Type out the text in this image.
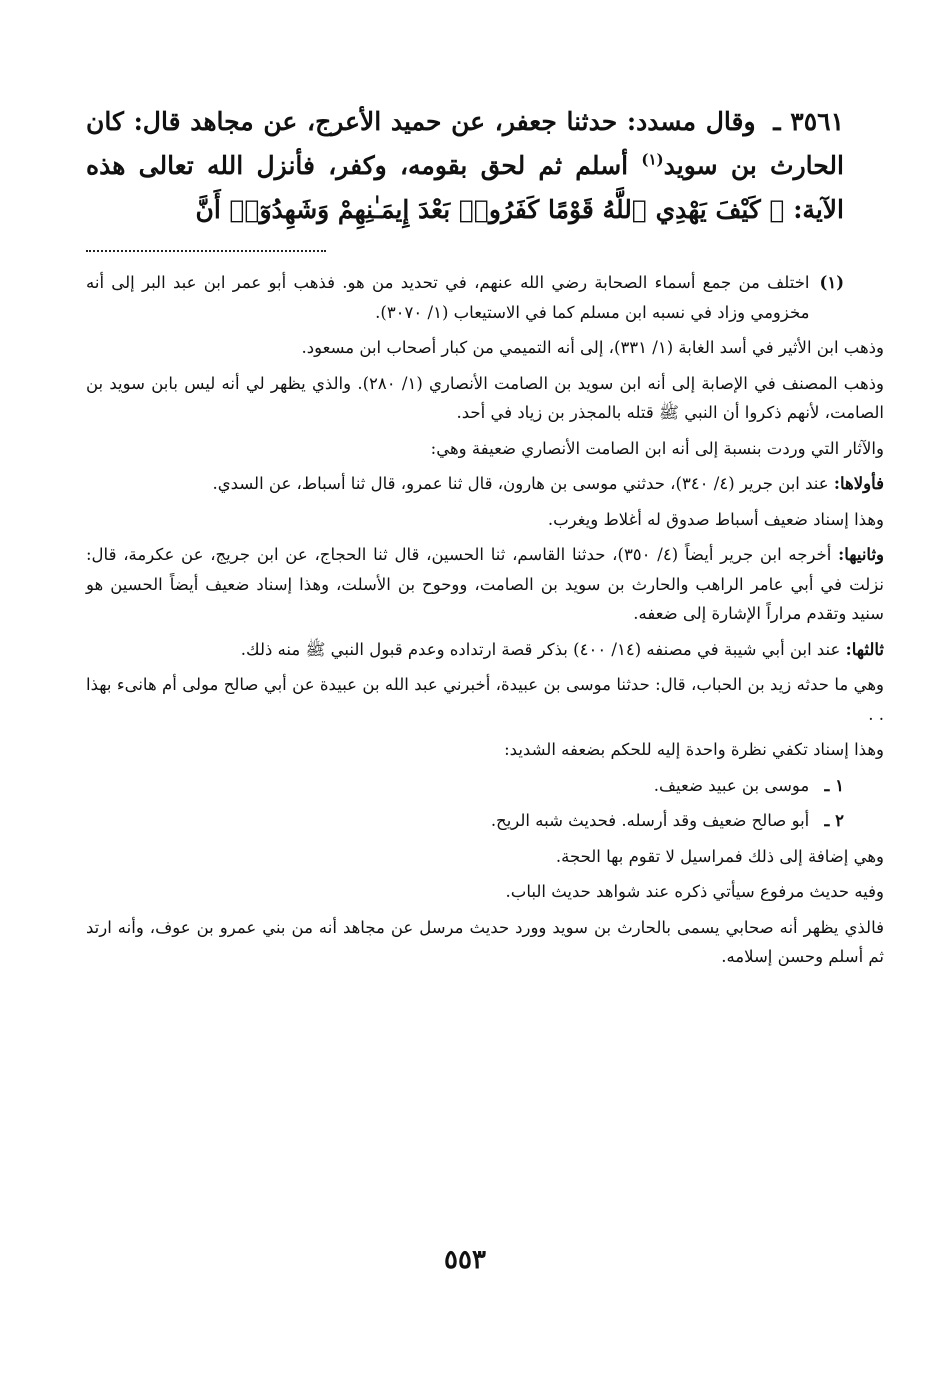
٣٥٦١ ـ وقال مسدد: حدثنا جعفر، عن حميد الأعرج، عن مجاهد قال: كان الحارث بن سويد$^{(١)}$ أسلم ثم لحق بقومه، وكفر، فأنزل الله تعالى هذه الآية: ﴿ كَيْفَ يَهْدِي ٱللَّهُ قَوْمًا كَفَرُوا۟ بَعْدَ إِيمَـٰنِهِمْ وَشَهِدُوٓا۟ أَنَّ
(١)

اختلف من جمع أسماء الصحابة رضي الله عنهم، في تحديد من هو. فذهب أبو عمر ابن عبد البر إلى أنه مخزومي وزاد في نسبه ابن مسلم كما في الاستيعاب (١/ ٣٠٧٠).

وذهب ابن الأثير في أسد الغابة (١/ ٣٣١)، إلى أنه التميمي من كبار أصحاب ابن مسعود.

وذهب المصنف في الإصابة إلى أنه ابن سويد بن الصامت الأنصاري (١/ ٢٨٠). والذي يظهر لي أنه ليس بابن سويد بن الصامت، لأنهم ذكروا أن النبي ﷺ قتله بالمجذر بن زياد في أحد.

والآثار التي وردت بنسبة إلى أنه ابن الصامت الأنصاري ضعيفة وهي:

فأولاها: عند ابن جرير (٤/ ٣٤٠)، حدثني موسى بن هارون، قال ثنا عمرو، قال ثنا أسباط، عن السدي.

وهذا إسناد ضعيف أسباط صدوق له أغلاط ويغرب.

وثانيها: أخرجه ابن جرير أيضاً (٤/ ٣٥٠)، حدثنا القاسم، ثنا الحسين، قال ثنا الحجاج، عن ابن جريج، عن عكرمة، قال: نزلت في أبي عامر الراهب والحارث بن سويد بن الصامت، ووحوح بن الأسلت، وهذا إسناد ضعيف أيضاً الحسين هو سنيد وتقدم مراراً الإشارة إلى ضعفه.

ثالثها: عند ابن أبي شيبة في مصنفه (١٤/ ٤٠٠) بذكر قصة ارتداده وعدم قبول النبي ﷺ منه ذلك.

وهي ما حدثه زيد بن الحباب، قال: حدثنا موسى بن عبيدة، أخبرني عبد الله بن عبيدة عن أبي صالح مولى أم هانىء بهذا . .

وهذا إسناد تكفي نظرة واحدة إليه للحكم بضعفه الشديد:

١ ـ موسى بن عبيد ضعيف.
٢ ـ أبو صالح ضعيف وقد أرسله. فحديث شبه الريح.

وهي إضافة إلى ذلك فمراسيل لا تقوم بها الحجة.

وفيه حديث مرفوع سيأتي ذكره عند شواهد حديث الباب.

فالذي يظهر أنه صحابي يسمى بالحارث بن سويد وورد حديث مرسل عن مجاهد أنه من بني عمرو بن عوف، وأنه ارتد ثم أسلم وحسن إسلامه.

٥٥٣
